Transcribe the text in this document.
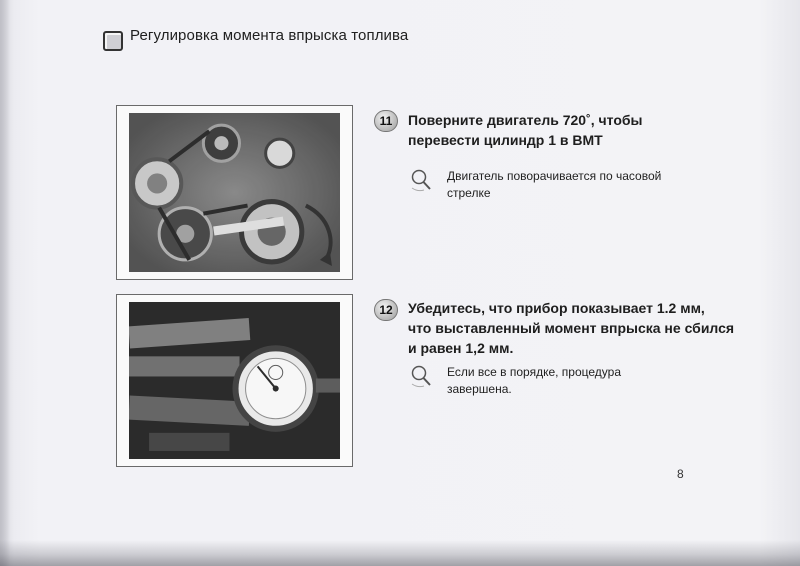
Регулировка момента впрыска топлива
11	Поверните двигатель 720˚, чтобы
перевести цилиндр 1 в ВМТ
Двигатель поворачивается по часовой
стрелке
12	Убедитесь, что прибор показывает 1.2 мм,
что выставленный момент впрыска не сбился
и равен 1,2 мм.
Если все в порядке, процедура
завершена.
8
